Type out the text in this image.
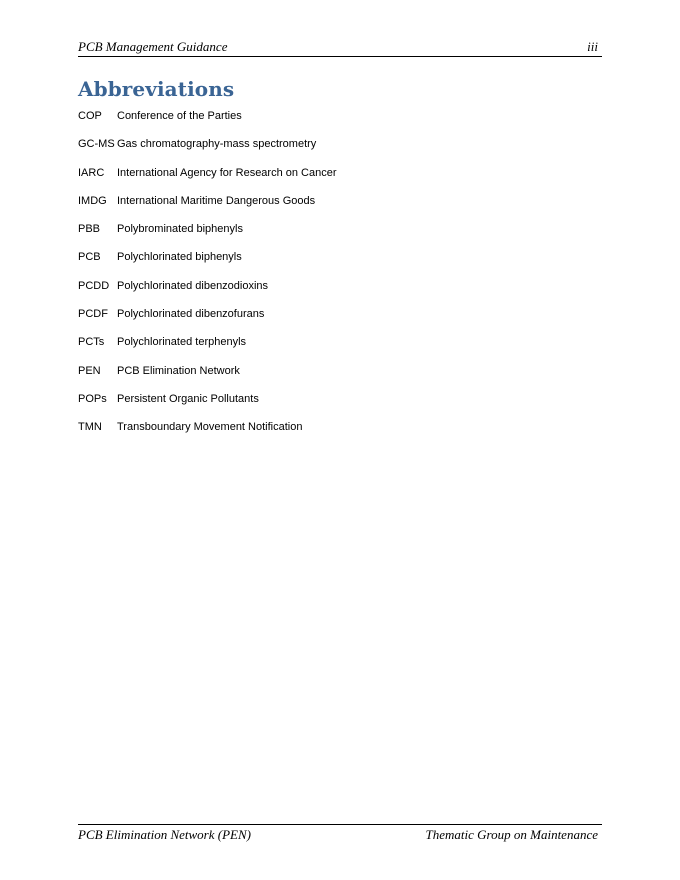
PCB Management Guidance	iii
Abbreviations
COP	Conference of the Parties
GC-MS Gas chromatography-mass spectrometry
IARC	International Agency for Research on Cancer
IMDG International Maritime Dangerous Goods
PBB	Polybrominated biphenyls
PCB	Polychlorinated biphenyls
PCDD Polychlorinated dibenzodioxins
PCDF Polychlorinated dibenzofurans
PCTs	Polychlorinated terphenyls
PEN	PCB Elimination Network
POPs Persistent Organic Pollutants
TMN	Transboundary Movement Notification
PCB Elimination Network (PEN)	Thematic Group on Maintenance
